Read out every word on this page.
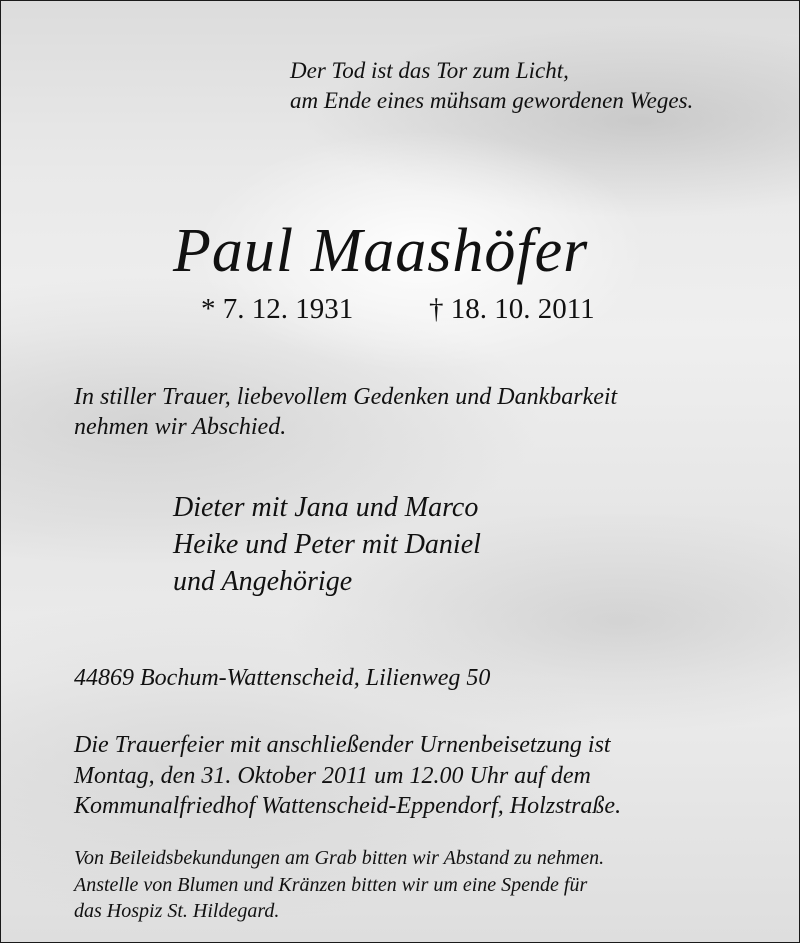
Der Tod ist das Tor zum Licht,
am Ende eines mühsam gewordenen Weges.
Paul Maashöfer
* 7. 12. 1931	† 18. 10. 2011
In stiller Trauer, liebevollem Gedenken und Dankbarkeit
nehmen wir Abschied.
Dieter mit Jana und Marco
Heike und Peter mit Daniel
und Angehörige
44869 Bochum-Wattenscheid, Lilienweg 50
Die Trauerfeier mit anschließender Urnenbeisetzung ist
Montag, den 31. Oktober 2011 um 12.00 Uhr auf dem
Kommunalfriedhof Wattenscheid-Eppendorf, Holzstraße.
Von Beileidsbekundungen am Grab bitten wir Abstand zu nehmen.
Anstelle von Blumen und Kränzen bitten wir um eine Spende für
das Hospiz St. Hildegard.
